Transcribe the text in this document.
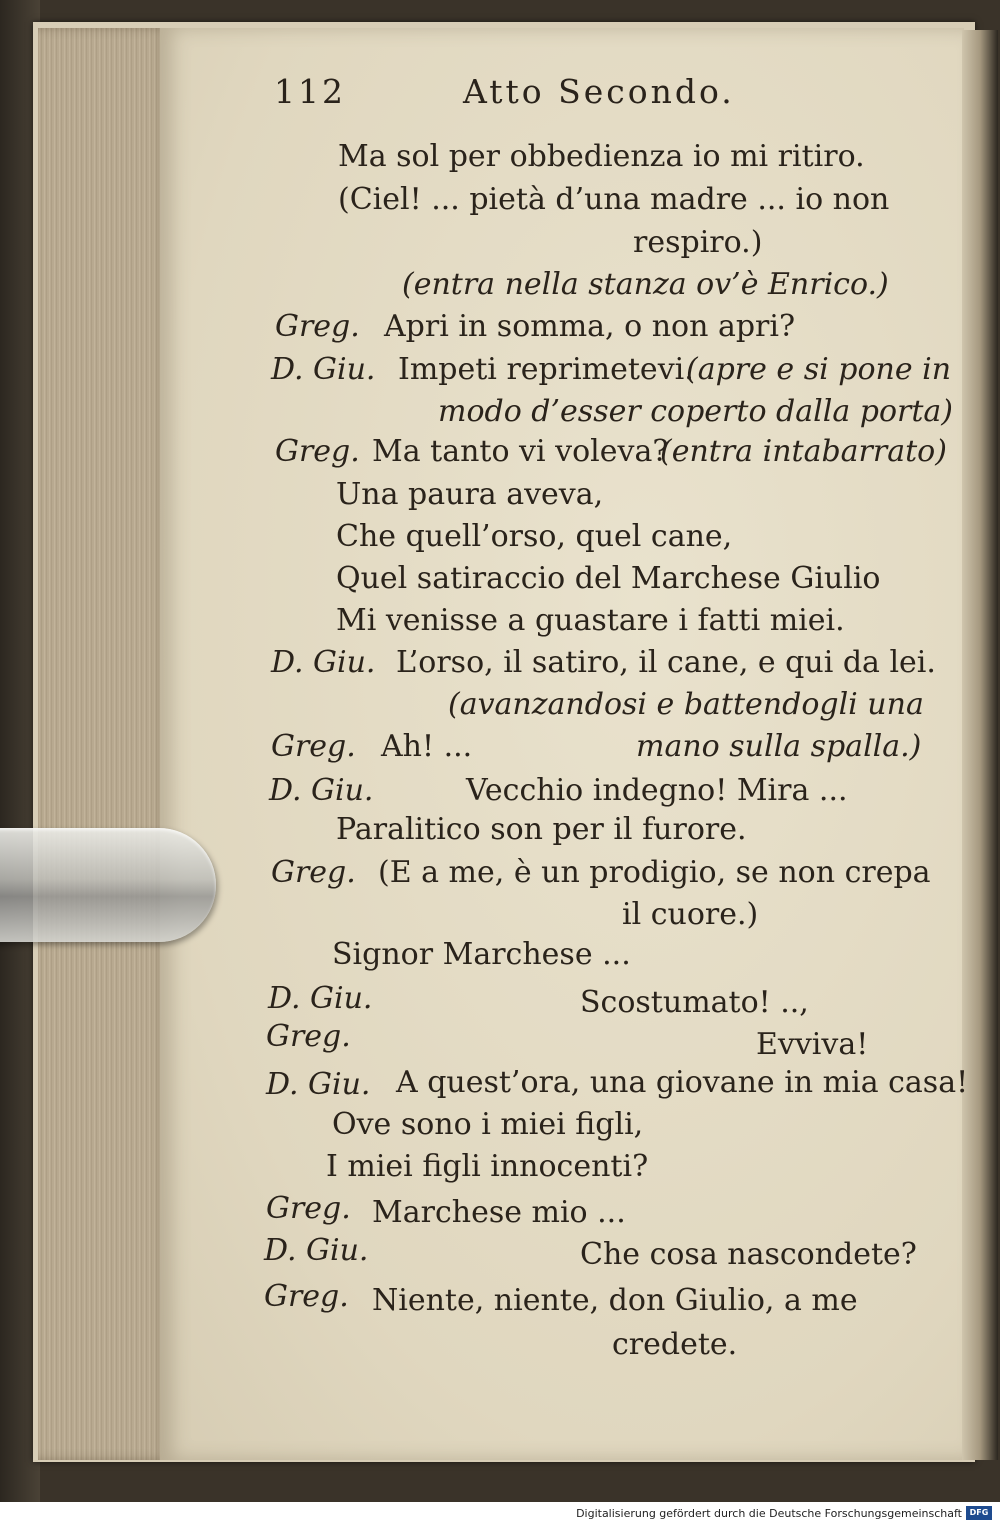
112	Atto Secondo.

Ma sol per obbedienza io mi ritiro.

(Ciel! ... pietà d’una madre ... io non

respiro.)

(entra nella stanza ov’è Enrico.)

Greg. Apri in somma, o non apri?

D. Giu. Impeti reprimetevi.

(apre e si pone in

modo d’esser coperto dalla porta)

Greg. Ma tanto vi voleva?

(entra intabarrato)

Una paura aveva,

Che quell’orso, quel cane,

Quel satiraccio del Marchese Giulio

Mi venisse a guastare i fatti miei.

D. Giu. L’orso, il satiro, il cane, e qui da lei.

(avanzandosi e battendogli una

Greg. Ah! ...	mano sulla spalla.)

D. Giu.	Vecchio indegno! Mira ...

Paralitico son per il furore.

Greg. (E a me, è un prodigio, se non crepa

il cuore.)

Signor Marchese ...

D. Giu.	Scostumato! ..,

Greg.	Evviva!

D. Giu. A quest’ora, una giovane in mia casa!

Ove sono i miei figli,

I miei figli innocenti?

Greg. Marchese mio ...

D. Giu.	Che cosa nascondete?

Greg. Niente, niente, don Giulio, a me

credete.

Digitalisierung gefördert durch die Deutsche Forschungsgemeinschaft DFG
